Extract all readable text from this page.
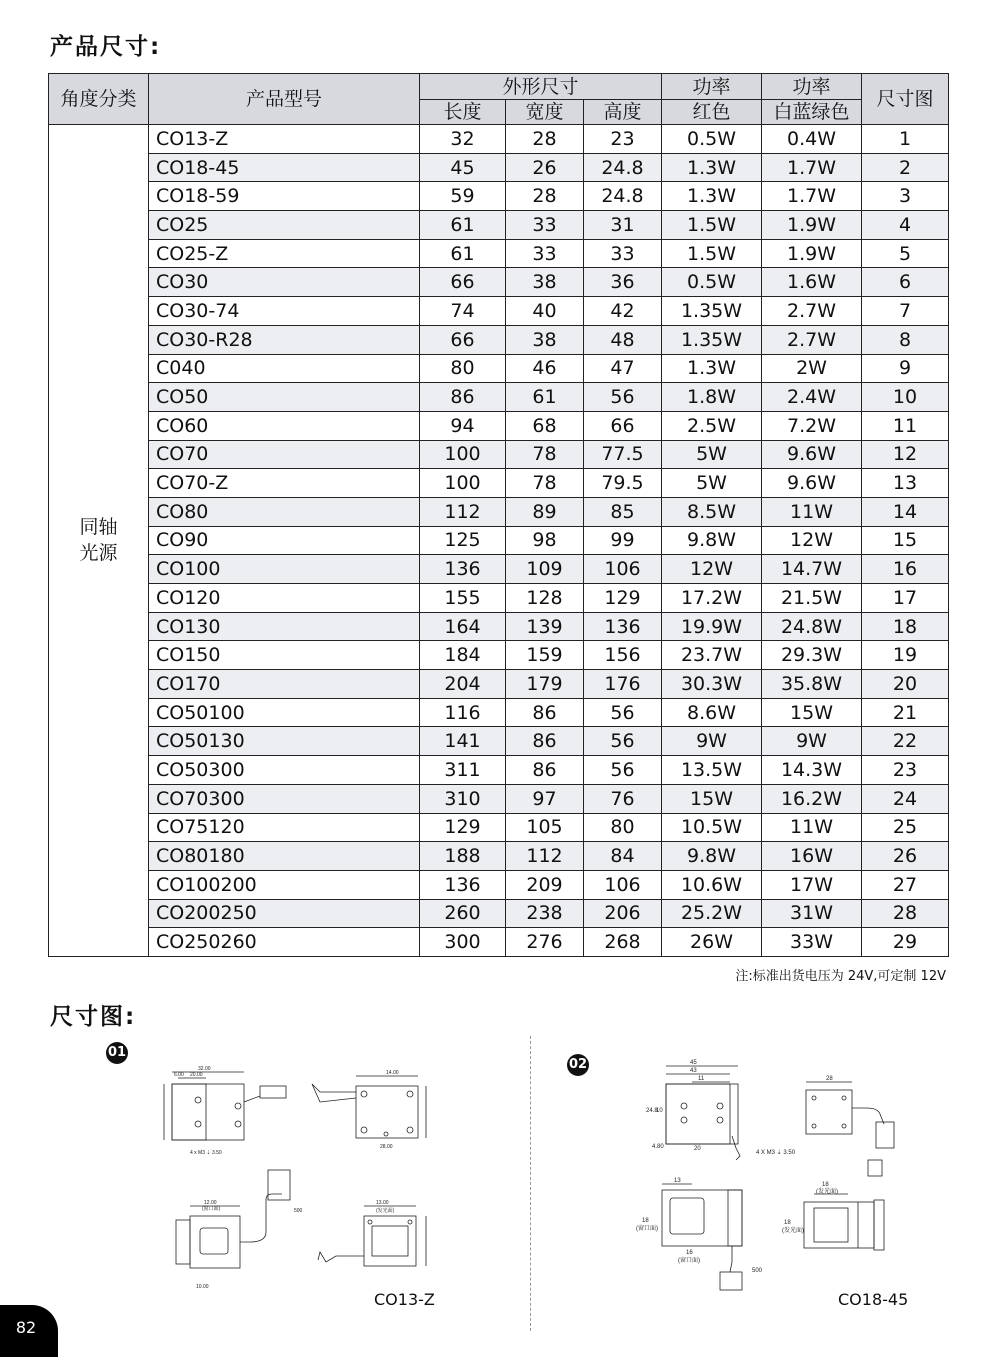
产品尺寸:
角度分类	产品型号	外形尺寸			功率	功率	尺寸图
		长度	宽度	高度	红色	白蓝绿色	
同轴
光源	CO13-Z	32	28	23	0.5W	0.4W	1
	CO18-45	45	26	24.8	1.3W	1.7W	2
	CO18-59	59	28	24.8	1.3W	1.7W	3
	CO25	61	33	31	1.5W	1.9W	4
	CO25-Z	61	33	33	1.5W	1.9W	5
	CO30	66	38	36	0.5W	1.6W	6
	CO30-74	74	40	42	1.35W	2.7W	7
	CO30-R28	66	38	48	1.35W	2.7W	8
	C040	80	46	47	1.3W	2W	9
	CO50	86	61	56	1.8W	2.4W	10
	CO60	94	68	66	2.5W	7.2W	11
	CO70	100	78	77.5	5W	9.6W	12
	CO70-Z	100	78	79.5	5W	9.6W	13
	CO80	112	89	85	8.5W	11W	14
	CO90	125	98	99	9.8W	12W	15
	CO100	136	109	106	12W	14.7W	16
	CO120	155	128	129	17.2W	21.5W	17
	CO130	164	139	136	19.9W	24.8W	18
	CO150	184	159	156	23.7W	29.3W	19
	CO170	204	179	176	30.3W	35.8W	20
	CO50100	116	86	56	8.6W	15W	21
	CO50130	141	86	56	9W	9W	22
	CO50300	311	86	56	13.5W	14.3W	23
	CO70300	310	97	76	15W	16.2W	24
	CO75120	129	105	80	10.5W	11W	25
	CO80180	188	112	84	9.8W	16W	26
	CO100200	136	209	106	10.6W	17W	27
	CO200250	260	238	206	25.2W	31W	28
	CO250260	300	276	268	26W	33W	29
注:标准出货电压为 24V,可定制 12V
尺寸图:
01
32.00
20.00
6.00
4 x M3 ⇣ 3.50
14.00
28.00
12.00
(窗口面)
10.00
500
13.00
(发光面)
CO13-Z
02	45
43
11
24.8
10
4.80	20
4 X M3 ⇣ 3.50
28
13
18
(窗口面)
16
(窗口面)
500
18
(发光面)
18
(发光面)
CO18-45
82
